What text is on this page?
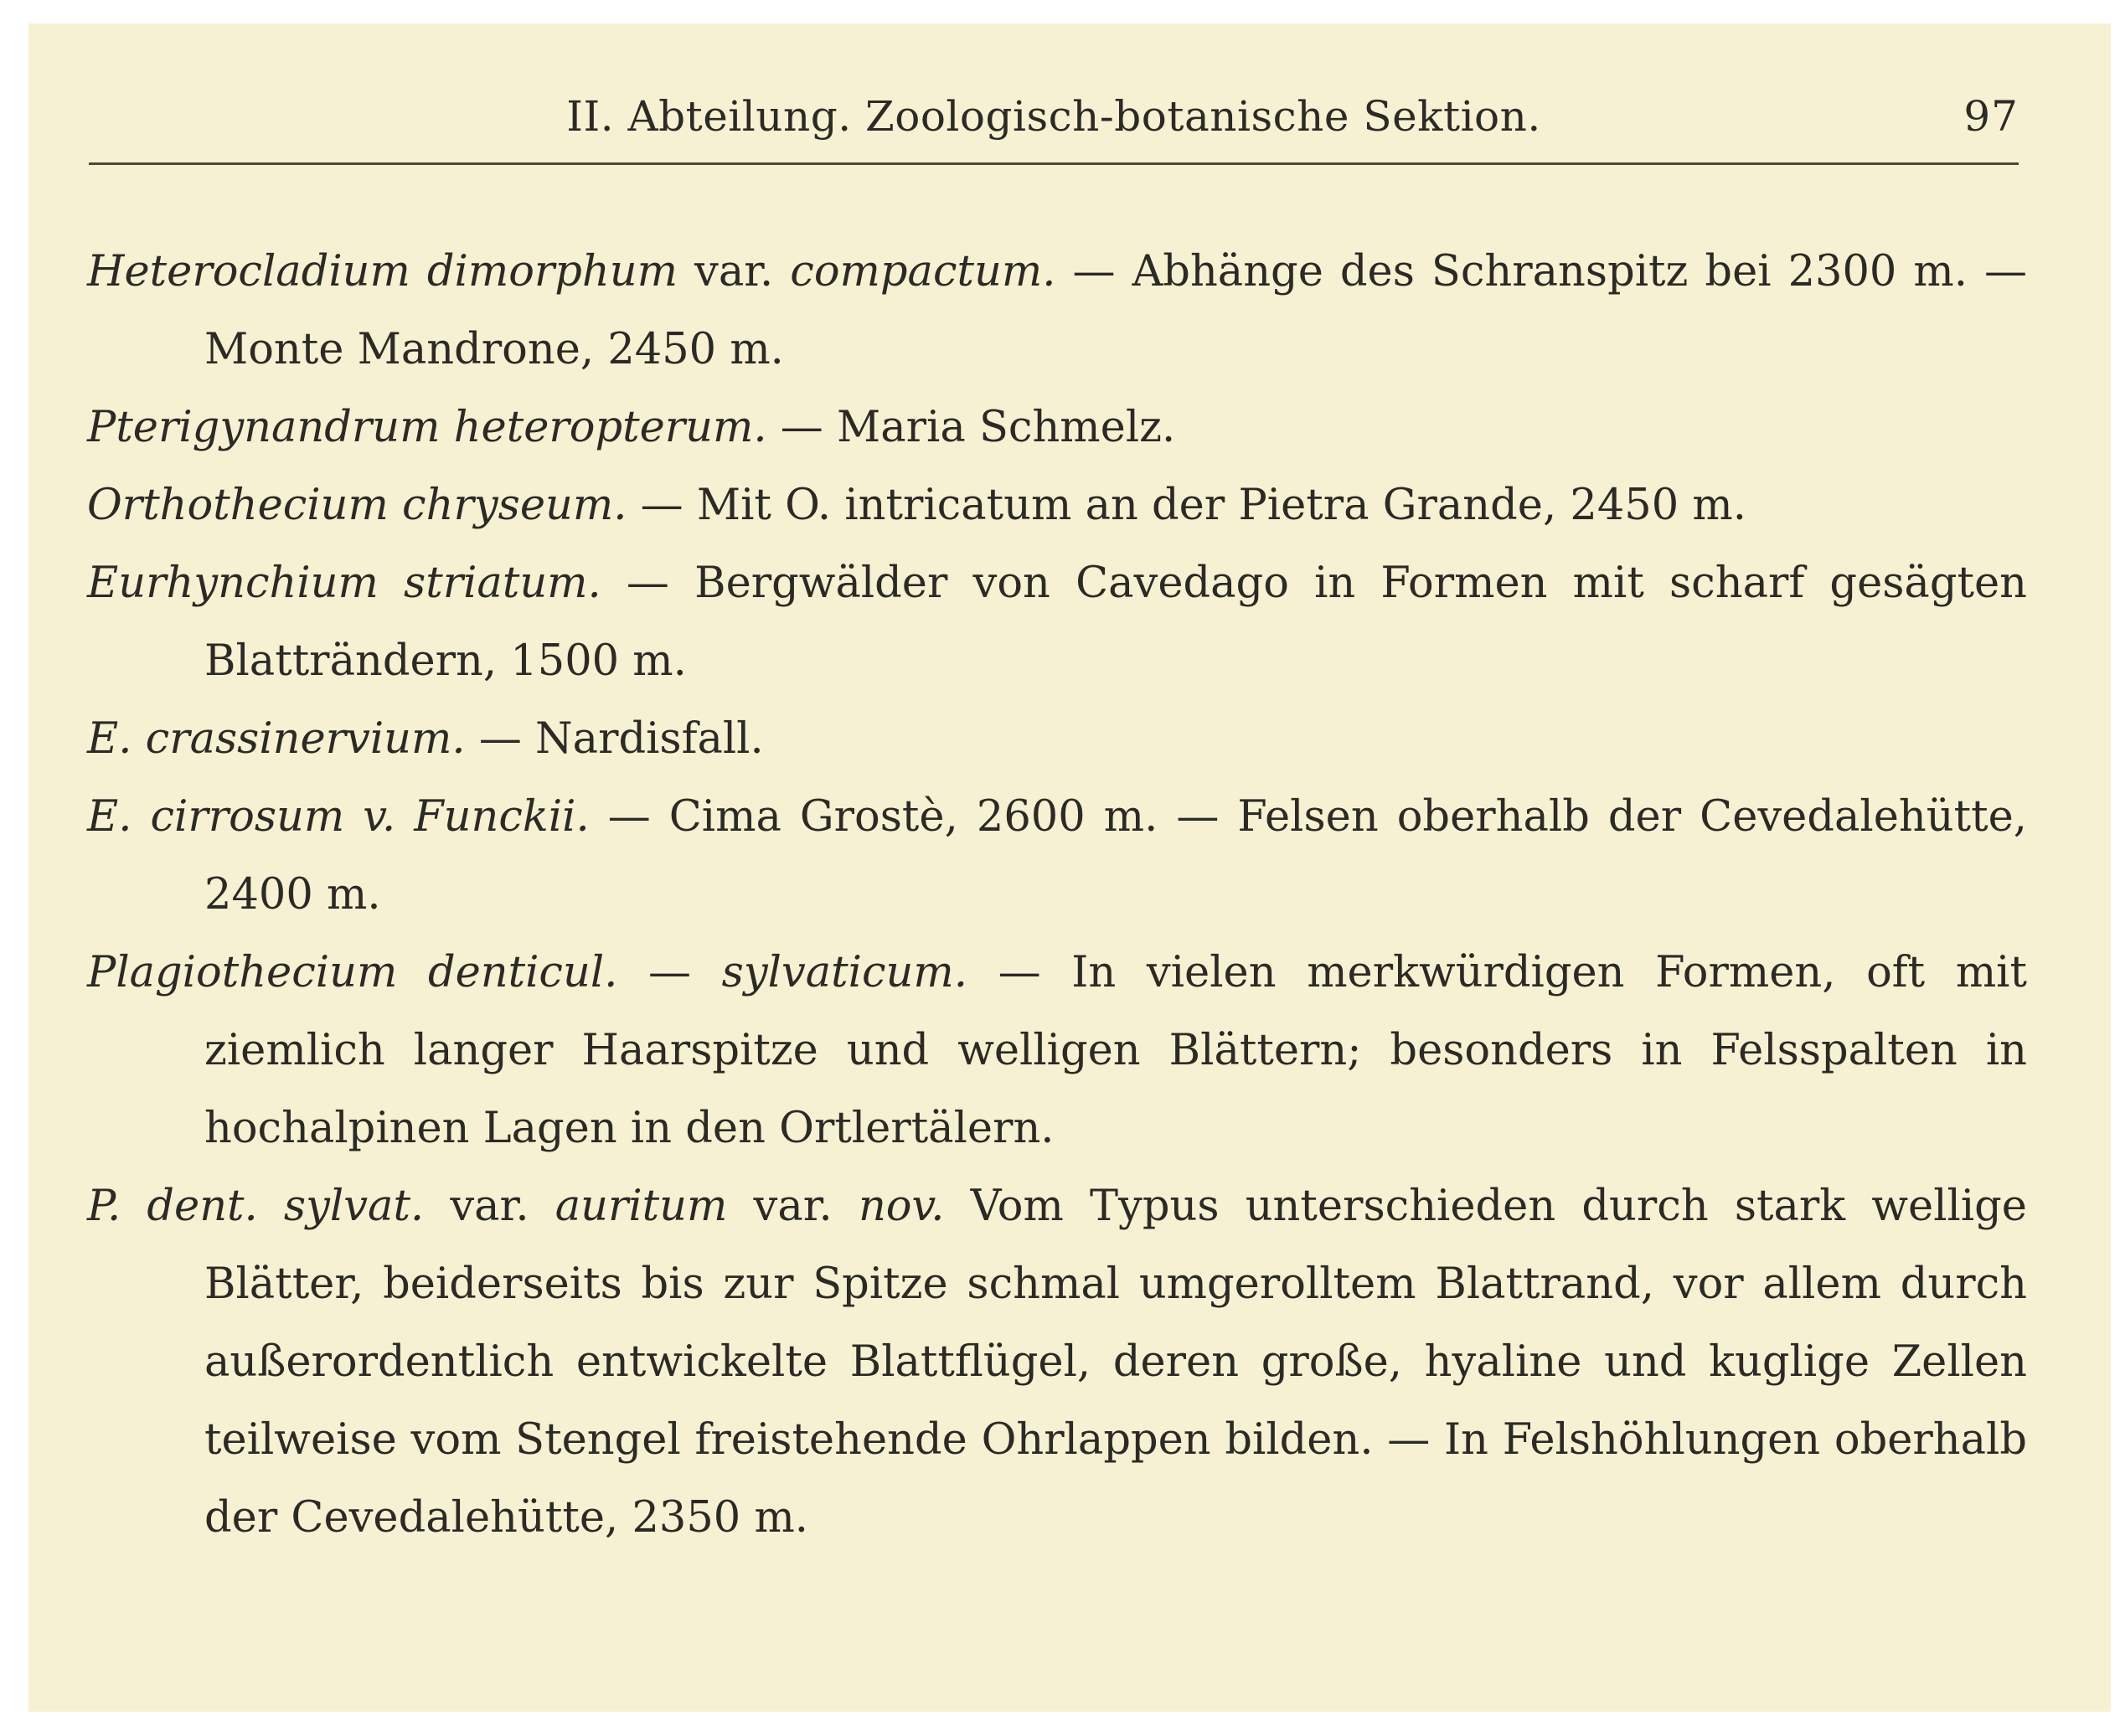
II. Abteilung. Zoologisch-botanische Sektion.	97

Heterocladium dimorphum var. compactum. — Abhänge des Schranspitz bei 2300 m. — Monte Mandrone, 2450 m.

Pterigynandrum heteropterum. — Maria Schmelz.

Orthothecium chryseum. — Mit O. intricatum an der Pietra Grande, 2450 m.

Eurhynchium striatum. — Bergwälder von Cavedago in Formen mit scharf gesägten Blatträndern, 1500 m.

E. crassinervium. — Nardisfall.

E. cirrosum v. Funckii. — Cima Grostè, 2600 m. — Felsen oberhalb der Cevedalehütte, 2400 m.

Plagiothecium denticul. — sylvaticum. — In vielen merkwürdigen Formen, oft mit ziemlich langer Haarspitze und welligen Blättern; besonders in Felsspalten in hochalpinen Lagen in den Ortlertälern.

P. dent. sylvat. var. auritum var. nov. Vom Typus unterschieden durch stark wellige Blätter, beiderseits bis zur Spitze schmal umgerolltem Blattrand, vor allem durch außerordentlich entwickelte Blattflügel, deren große, hyaline und kuglige Zellen teilweise vom Stengel freistehende Ohrlappen bilden. — In Felshöhlungen oberhalb der Cevedalehütte, 2350 m.
